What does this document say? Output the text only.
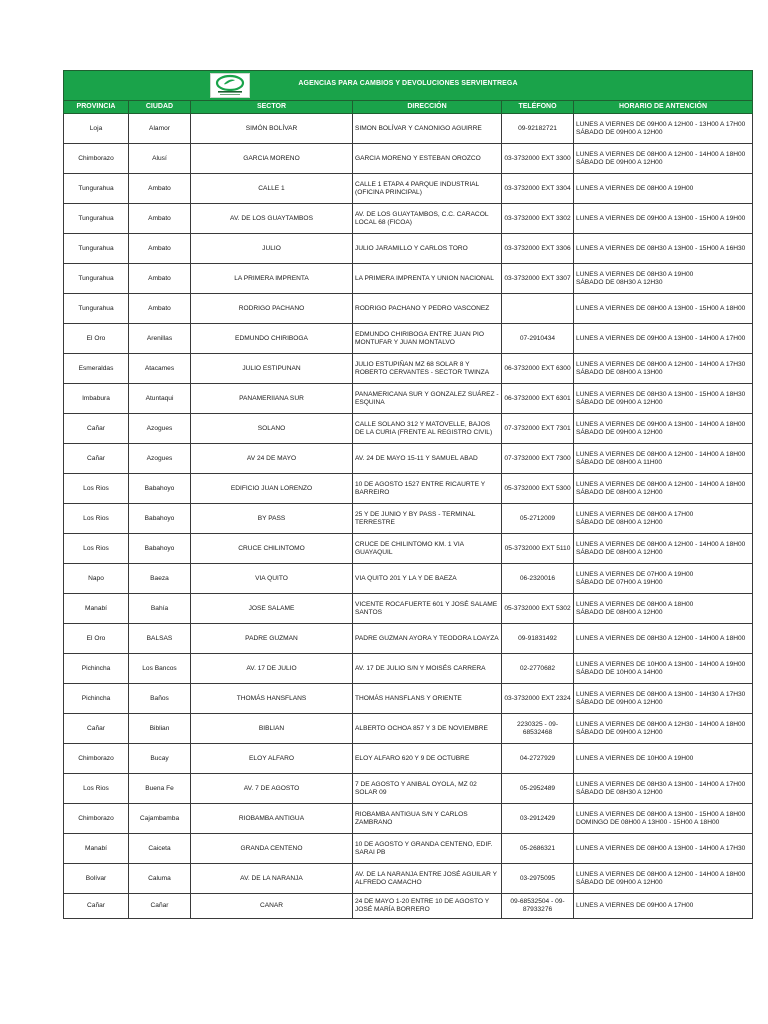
AGENCIAS PARA CAMBIOS Y DEVOLUCIONES SERVIENTREGA					

PROVINCIA	CIUDAD	SECTOR	DIRECCIÓN	TELÉFONO	HORARIO DE ANTENCIÓN
Loja	Alamor	SIMÓN BOLÍVAR	SIMON BOLÍVAR Y CANONIGO AGUIRRE	09-92182721	LUNES A VIERNES DE 09H00 A 12H00 - 13H00 A 17H00
SÁBADO DE 09H00 A 12H00

Chimborazo	Alusí	GARCIA MORENO	GARCIA MORENO Y ESTEBAN OROZCO	03-3732000 EXT 3300	LUNES A VIERNES DE 08H00 A 12H00 - 14H00 A 18H00
SÁBADO DE 09H00 A 12H00

Tungurahua	Ambato	CALLE 1	CALLE 1 ETAPA 4 PARQUE INDUSTRIAL (OFICINA PRINCIPAL)	03-3732000 EXT 3304	LUNES A VIERNES DE 08H00 A 19H00

Tungurahua	Ambato	AV. DE LOS GUAYTAMBOS	AV. DE LOS GUAYTAMBOS, C.C. CARACOL LOCAL 68 (FICOA)	03-3732000 EXT 3302	LUNES A VIERNES DE 09H00 A 13H00 - 15H00 A 19H00

Tungurahua	Ambato	JULIO	JULIO JARAMILLO Y CARLOS TORO	03-3732000 EXT 3306	LUNES A VIERNES DE 08H30 A 13H00 - 15H00 A 16H30

Tungurahua	Ambato	LA PRIMERA IMPRENTA	LA PRIMERA IMPRENTA Y UNION NACIONAL	03-3732000 EXT 3307	LUNES A VIERNES DE 08H30 A 19H00
SÁBADO DE 08H30 A 12H30

Tungurahua	Ambato	RODRIGO PACHANO	RODRIGO PACHANO Y PEDRO VASCONEZ		LUNES A VIERNES DE 08H00 A 13H00 - 15H00 A 18H00

El Oro	Arenillas	EDMUNDO CHIRIBOGA	EDMUNDO CHIRIBOGA ENTRE JUAN PIO MONTUFAR Y JUAN MONTALVO	07-2910434	LUNES A VIERNES DE 09H00 A 13H00 - 14H00 A 17H00

Esmeraldas	Atacames	JULIO ESTIPUNAN	JULIO ESTUPIÑAN MZ 68 SOLAR 8 Y ROBERTO CERVANTES - SECTOR TWINZA	06-3732000 EXT 6300	LUNES A VIERNES DE 08H00 A 12H00 - 14H00 A 17H30
SÁBADO DE 08H00 A 13H00

Imbabura	Atuntaqui	PANAMERIIANA SUR	PANAMERICANA SUR Y GONZALEZ SUÁREZ - ESQUINA	06-3732000 EXT 6301	LUNES A VIERNES DE 08H30 A 13H00 - 15H00 A 18H30
SÁBADO DE 09H00 A 12H00

Cañar	Azogues	SOLANO	CALLE SOLANO 312 Y MATOVELLE, BAJOS DE LA CURIA (FRENTE AL REGISTRO CIVIL)	07-3732000 EXT 7301	LUNES A VIERNES DE 09H00 A 13H00 - 14H00 A 18H00
SÁBADO DE 09H00 A 12H00

Cañar	Azogues	AV 24 DE MAYO	AV. 24 DE MAYO 15-11 Y SAMUEL ABAD	07-3732000 EXT 7300	LUNES A VIERNES DE 08H00 A 12H00 - 14H00 A 18H00
SÁBADO DE 08H00 A 11H00

Los Rios	Babahoyo	EDIFICIO JUAN LORENZO	10 DE AGOSTO 1527 ENTRE RICAURTE Y BARREIRO	05-3732000 EXT 5300	LUNES A VIERNES DE 08H00 A 12H00 - 14H00 A 18H00
SÁBADO DE 08H00 A 12H00

Los Rios	Babahoyo	BY PASS	25 Y DE JUNIO Y BY PASS - TERMINAL TERRESTRE	05-2712009	LUNES A VIERNES DE 08H00 A 17H00
SÁBADO DE 08H00 A 12H00

Los Rios	Babahoyo	CRUCE CHILINTOMO	CRUCE DE CHILINTOMO KM. 1 VIA GUAYAQUIL	05-3732000 EXT 5110	LUNES A VIERNES DE 08H00 A 12H00 - 14H00 A 18H00
SÁBADO DE 08H00 A 12H00

Napo	Baeza	VIA QUITO	VIA QUITO 201 Y LA Y DE BAEZA	06-2320016	LUNES A VIERNES DE 07H00 A 19H00
SÁBADO DE 07H00 A 19H00

Manabí	Bahía	JOSE SALAME	VICENTE ROCAFUERTE 601 Y JOSÉ SALAME SANTOS	05-3732000 EXT 5302	LUNES A VIERNES DE 08H00 A 18H00
SÁBADO DE 08H00 A 12H00

El Oro	BALSAS	PADRE GUZMAN	PADRE GUZMAN AYORA Y TEODORA LOAYZA	09-91831492	LUNES A VIERNES DE 08H30 A 12H00 - 14H00 A 18H00

Pichincha	Los Bancos	AV. 17 DE JULIO	AV. 17 DE JULIO S/N Y MOISÉS CARRERA	02-2770682	LUNES A VIERNES DE 10H00 A 13H00 - 14H00 A 19H00
SÁBADO DE 10H00 A 14H00

Pichincha	Baños	THOMÁS HANSFLANS	THOMÁS HANSFLANS Y ORIENTE	03-3732000 EXT 2324	LUNES A VIERNES DE 08H00 A 13H00 - 14H30 A 17H30
SÁBADO DE 09H00 A 12H00

Cañar	Biblian	BIBLIAN	ALBERTO OCHOA 857 Y 3 DE NOVIEMBRE	2230325 - 09-68532468	LUNES A VIERNES DE 08H00 A 12H30 - 14H00 A 18H00
SÁBADO DE 09H00 A 12H00

Chimborazo	Bucay	ELOY ALFARO	ELOY ALFARO 620 Y 9 DE OCTUBRE	04-2727929	LUNES A VIERNES DE 10H00 A 19H00

Los Rios	Buena Fe	AV. 7 DE AGOSTO	7 DE AGOSTO Y ANIBAL OYOLA, MZ 02 SOLAR 09	05-2952489	LUNES A VIERNES DE 08H30 A 13H00 - 14H00 A 17H00
SÁBADO DE 08H30 A 12H00

Chimborazo	Cajambamba	RIOBAMBA ANTIGUA	RIOBAMBA ANTIGUA S/N Y CARLOS ZAMBRANO	03-2912429	LUNES A VIERNES DE 08H00 A 13H00 - 15H00 A 18H00
DOMINGO DE 08H00 A 13H00 - 15H00 A 18H00

Manabí	Caiceta	GRANDA CENTENO	10 DE AGOSTO Y GRANDA CENTENO, EDIF. SARAI PB	05-2686321	LUNES A VIERNES DE 08H00 A 13H00 - 14H00 A 17H30

Bolívar	Caluma	AV. DE LA NARANJA	AV. DE LA NARANJA ENTRE JOSÉ AGUILAR Y ALFREDO CAMACHO	03-2975095	LUNES A VIERNES DE 08H00 A 12H00 - 14H00 A 18H00
SÁBADO DE 09H00 A 12H00

Cañar	Cañar	CANAR	24 DE MAYO 1-20 ENTRE 10 DE AGOSTO Y JOSÉ MARÍA BORRERO	09-68532504 - 09-87933276	LUNES A VIERNES DE 09H00 A 17H00
